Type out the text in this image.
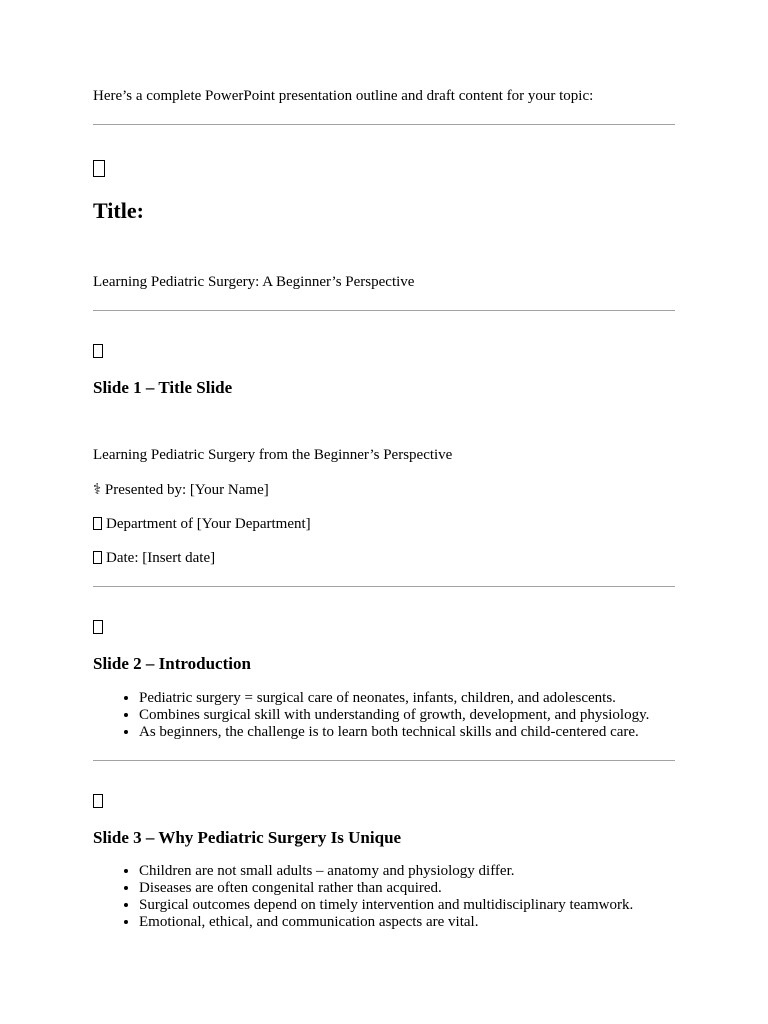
Here’s a complete PowerPoint presentation outline and draft content for your topic:
Title:
Learning Pediatric Surgery: A Beginner’s Perspective
Slide 1 – Title Slide
Learning Pediatric Surgery from the Beginner’s Perspective
⚕ Presented by: [Your Name]
Department of [Your Department]
Date: [Insert date]
Slide 2 – Introduction
• Pediatric surgery = surgical care of neonates, infants, children, and adolescents.
• Combines surgical skill with understanding of growth, development, and physiology.
• As beginners, the challenge is to learn both technical skills and child-centered care.
Slide 3 – Why Pediatric Surgery Is Unique
• Children are not small adults – anatomy and physiology differ.
• Diseases are often congenital rather than acquired.
• Surgical outcomes depend on timely intervention and multidisciplinary teamwork.
• Emotional, ethical, and communication aspects are vital.
